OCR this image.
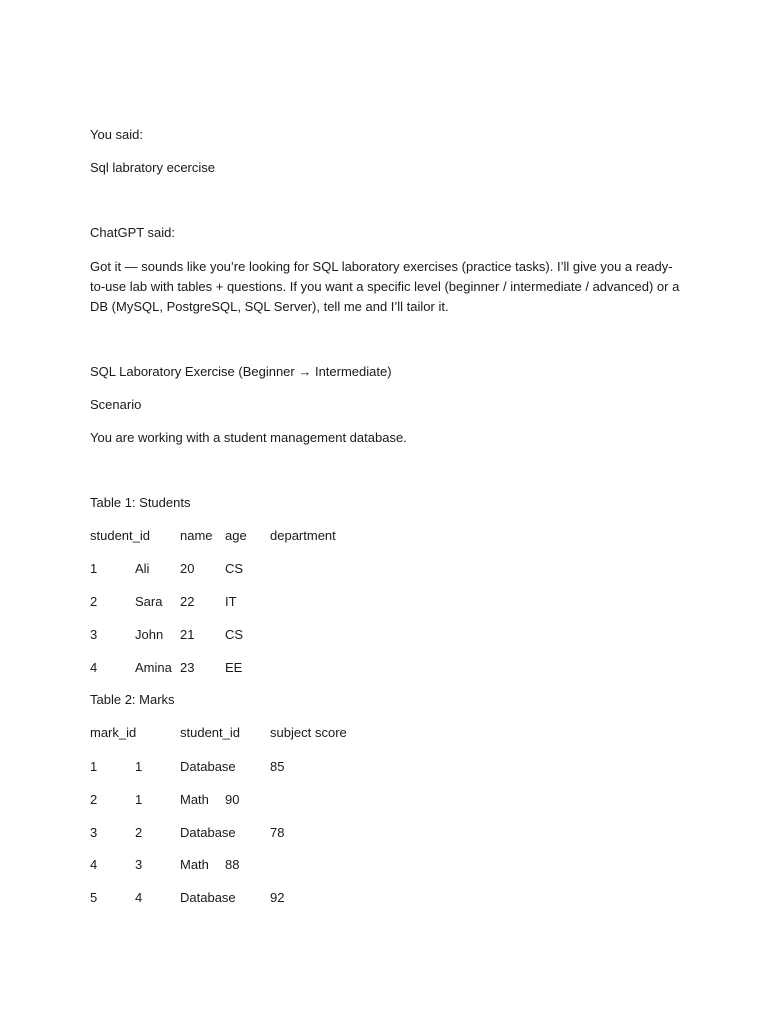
You said:
Sql labratory ecercise
ChatGPT said:
Got it — sounds like you’re looking for SQL laboratory exercises (practice tasks). I’ll give you a ready-to-use lab with tables + questions. If you want a specific level (beginner / intermediate / advanced) or a DB (MySQL, PostgreSQL, SQL Server), tell me and I’ll tailor it.
SQL Laboratory Exercise (Beginner → Intermediate)
Scenario
You are working with a student management database.
Table 1: Students
student_id name age department
1	Ali 20 CS
2	Sara 22 IT
3	John 21 CS
4	Amina 23 EE
Table 2: Marks
mark_id	student_id subject score
1	1	Database	85
2	1	Math 90
3	2	Database	78
4	3	Math 88
5	4	Database	92
